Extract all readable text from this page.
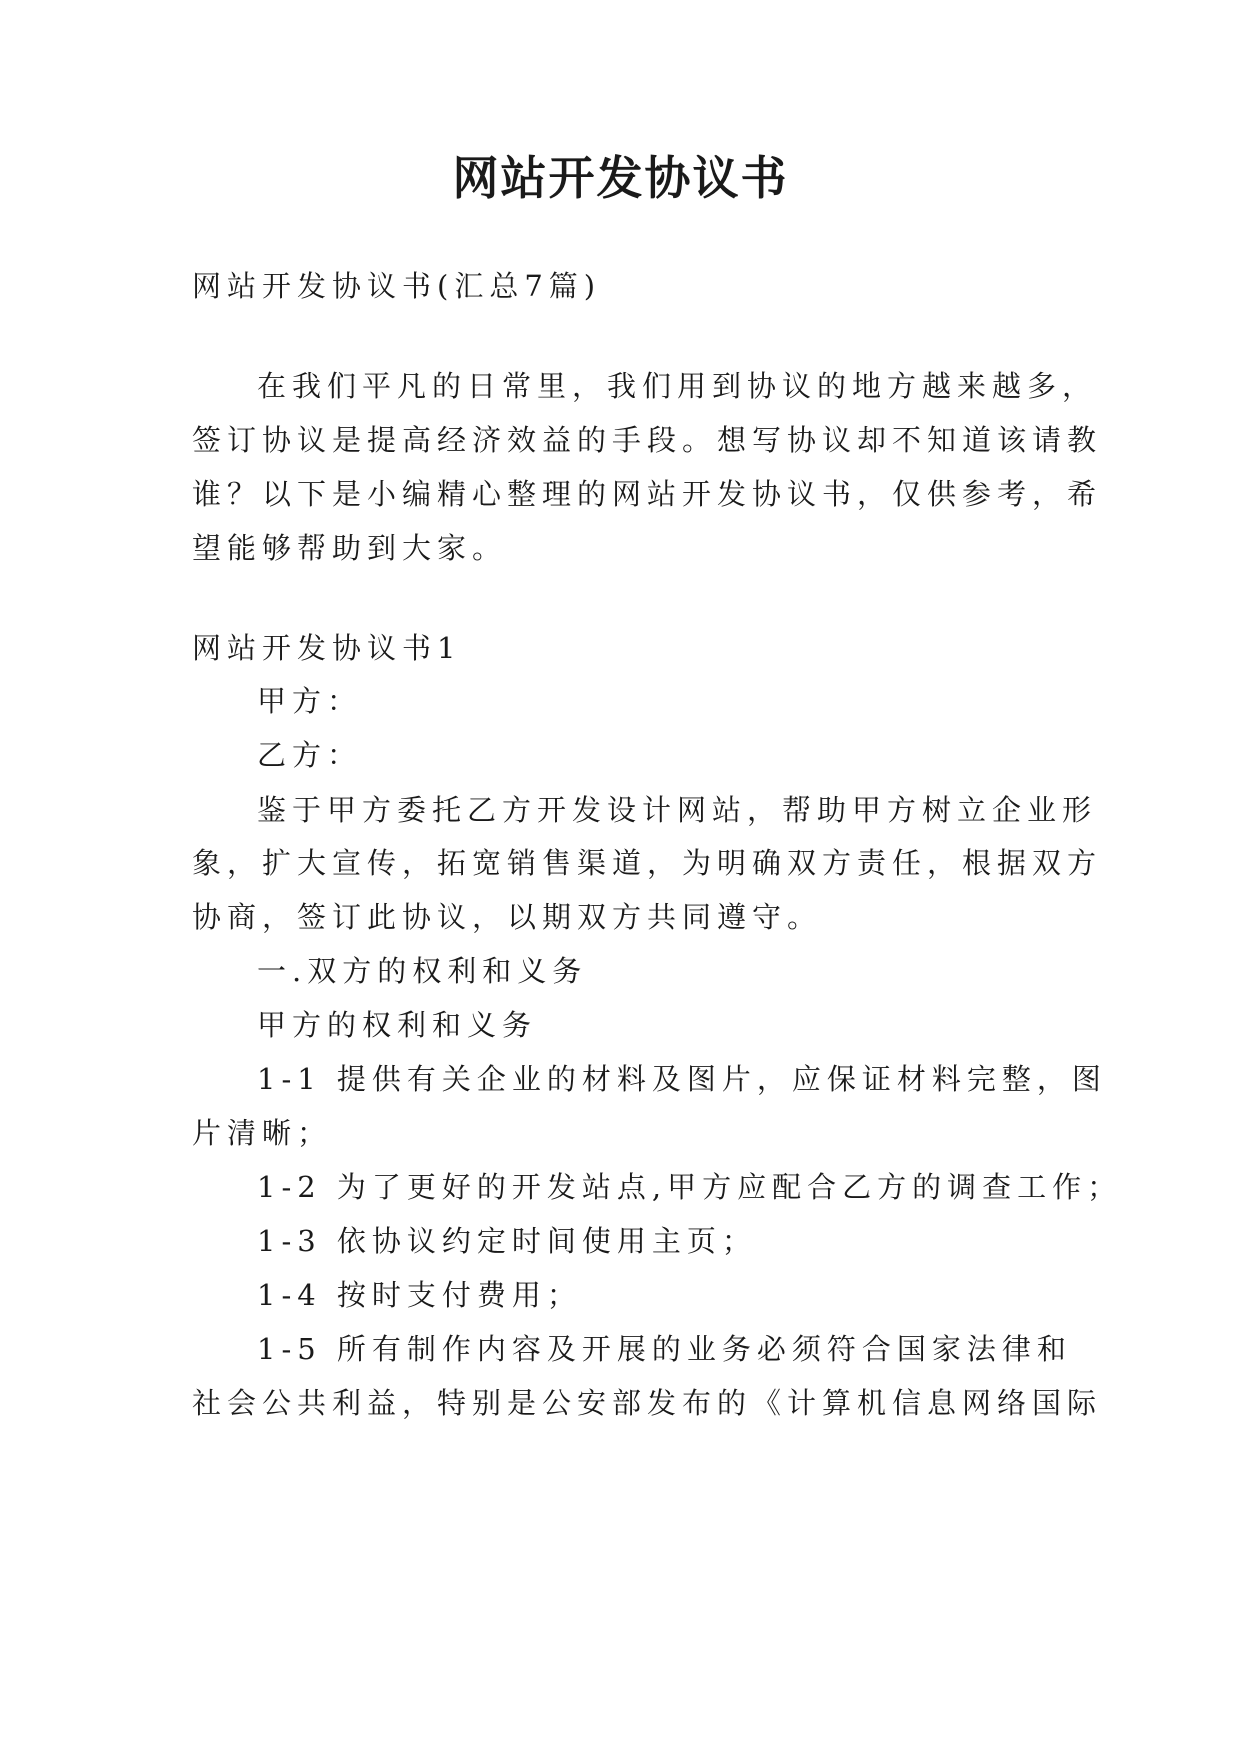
网站开发协议书

网站开发协议书(汇总7篇)

在我们平凡的日常里，我们用到协议的地方越来越多，

签订协议是提高经济效益的手段。想写协议却不知道该请教

谁？以下是小编精心整理的网站开发协议书，仅供参考，希

望能够帮助到大家。

网站开发协议书1

甲方：

乙方：

鉴于甲方委托乙方开发设计网站，帮助甲方树立企业形

象，扩大宣传，拓宽销售渠道，为明确双方责任，根据双方

协商，签订此协议，以期双方共同遵守。

一.双方的权利和义务

甲方的权利和义务

1-1 提供有关企业的材料及图片，应保证材料完整，图

片清晰；

1-2 为了更好的开发站点,甲方应配合乙方的调查工作；

1-3 依协议约定时间使用主页；

1-4 按时支付费用；

1-5 所有制作内容及开展的业务必须符合国家法律和

社会公共利益，特别是公安部发布的《计算机信息网络国际
